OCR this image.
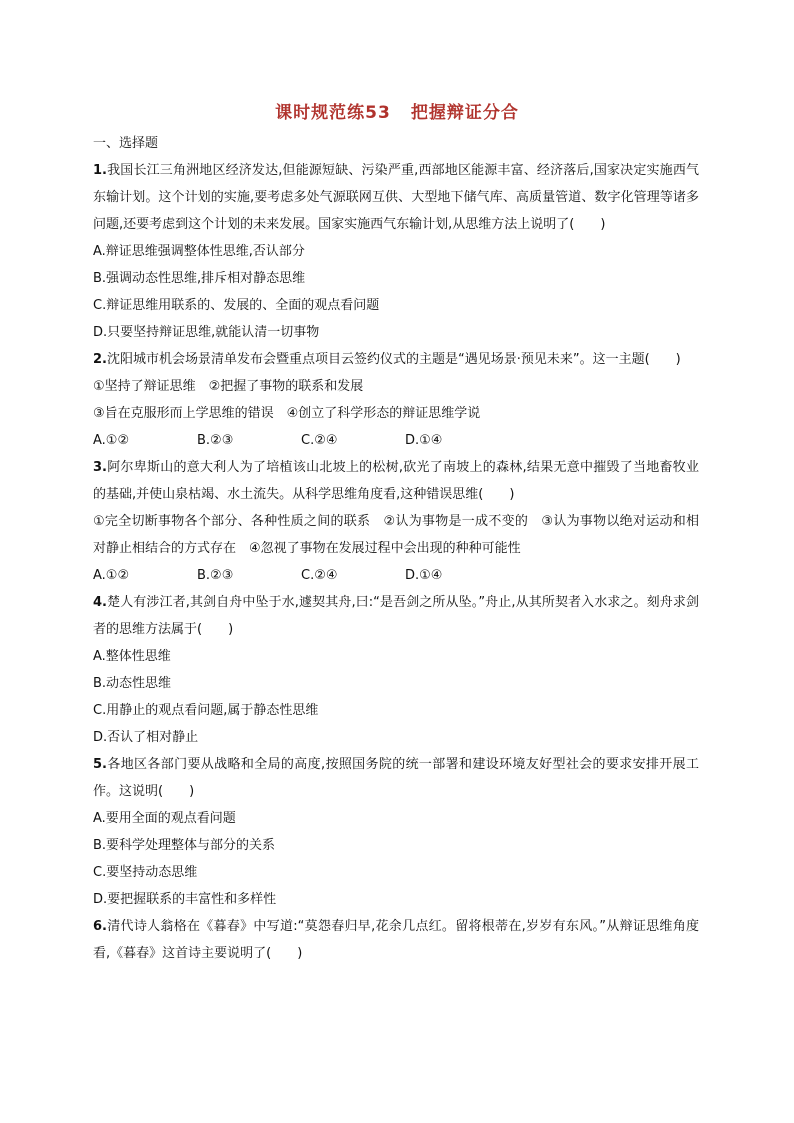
课时规范练53 把握辩证分合
一、选择题
1.我国长江三角洲地区经济发达,但能源短缺、污染严重,西部地区能源丰富、经济落后,国家决定实施西气东输计划。这个计划的实施,要考虑多处气源联网互供、大型地下储气库、高质量管道、数字化管理等诸多问题,还要考虑到这个计划的未来发展。国家实施西气东输计划,从思维方法上说明了(　　)
A.辩证思维强调整体性思维,否认部分
B.强调动态性思维,排斥相对静态思维
C.辩证思维用联系的、发展的、全面的观点看问题
D.只要坚持辩证思维,就能认清一切事物
2.沈阳城市机会场景清单发布会暨重点项目云签约仪式的主题是“遇见场景·预见未来”。这一主题(　　)
①坚持了辩证思维　②把握了事物的联系和发展
③旨在克服形而上学思维的错误　④创立了科学形态的辩证思维学说
A.①②	B.②③	C.②④	D.①④
3.阿尔卑斯山的意大利人为了培植该山北坡上的松树,砍光了南坡上的森林,结果无意中摧毁了当地畜牧业的基础,并使山泉枯竭、水土流失。从科学思维角度看,这种错误思维(　　)
①完全切断事物各个部分、各种性质之间的联系　②认为事物是一成不变的　③认为事物以绝对运动和相对静止相结合的方式存在　④忽视了事物在发展过程中会出现的种种可能性
A.①②	B.②③	C.②④	D.①④
4.楚人有涉江者,其剑自舟中坠于水,遽契其舟,曰:“是吾剑之所从坠。”舟止,从其所契者入水求之。刻舟求剑者的思维方法属于(　　)
A.整体性思维
B.动态性思维
C.用静止的观点看问题,属于静态性思维
D.否认了相对静止
5.各地区各部门要从战略和全局的高度,按照国务院的统一部署和建设环境友好型社会的要求安排开展工作。这说明(　　)
A.要用全面的观点看问题
B.要科学处理整体与部分的关系
C.要坚持动态思维
D.要把握联系的丰富性和多样性
6.清代诗人翁格在《暮春》中写道:“莫怨春归早,花余几点红。留将根蒂在,岁岁有东风。”从辩证思维角度看,《暮春》这首诗主要说明了(　　)
